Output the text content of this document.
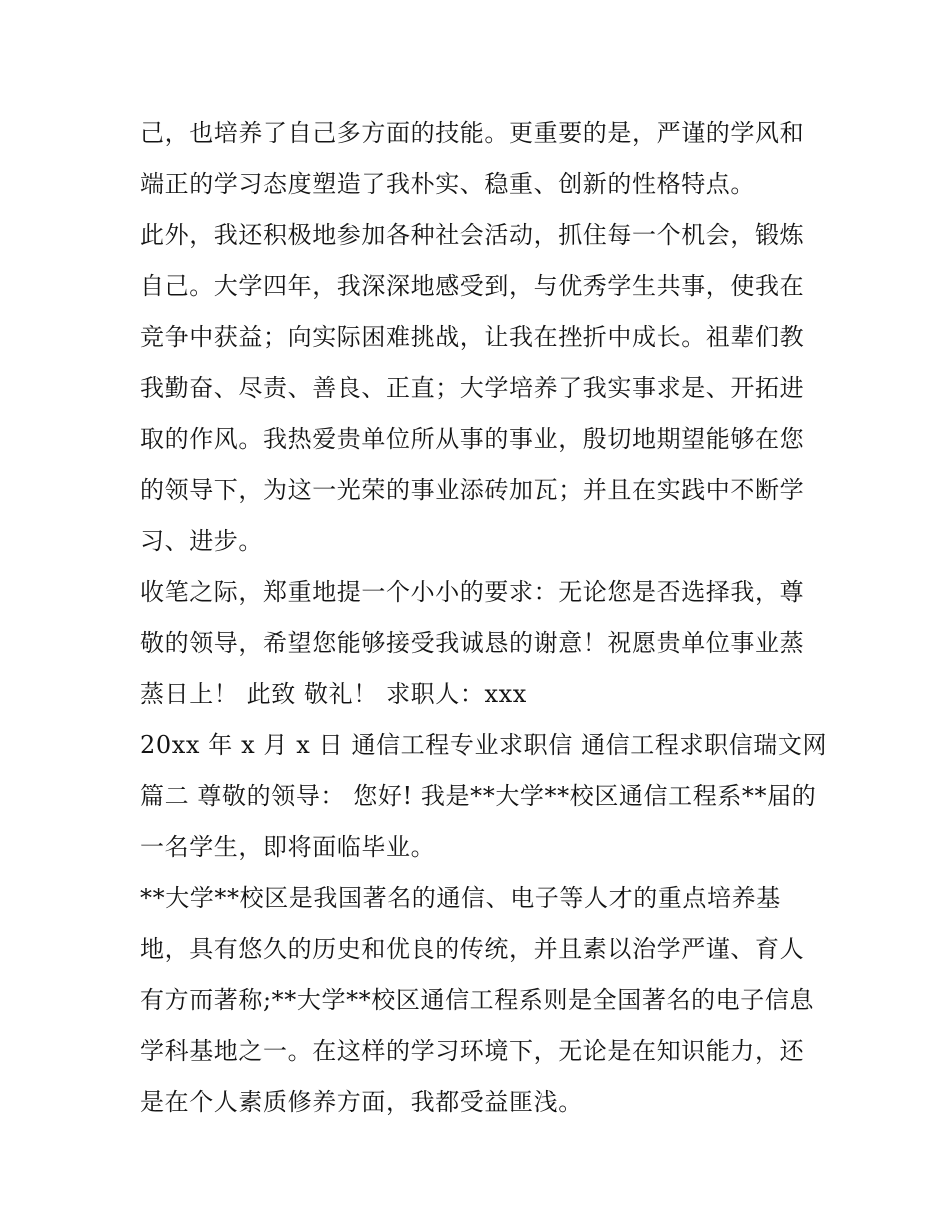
己，也培养了自己多方面的技能。更重要的是，严谨的学风和
端正的学习态度塑造了我朴实、稳重、创新的性格特点。
此外，我还积极地参加各种社会活动，抓住每一个机会，锻炼
自己。大学四年，我深深地感受到，与优秀学生共事，使我在
竞争中获益；向实际困难挑战，让我在挫折中成长。祖辈们教
我勤奋、尽责、善良、正直；大学培养了我实事求是、开拓进
取的作风。我热爱贵单位所从事的事业，殷切地期望能够在您
的领导下，为这一光荣的事业添砖加瓦；并且在实践中不断学
习、进步。
收笔之际，郑重地提一个小小的要求：无论您是否选择我，尊
敬的领导，希望您能够接受我诚恳的谢意！祝愿贵单位事业蒸
蒸日上！ 此致 敬礼！ 求职人：xxx
20xx 年 x 月 x 日 通信工程专业求职信 通信工程求职信瑞文网
篇二 尊敬的领导： 您好! 我是**大学**校区通信工程系**届的
一名学生，即将面临毕业。
**大学**校区是我国著名的通信、电子等人才的重点培养基
地，具有悠久的历史和优良的传统，并且素以治学严谨、育人
有方而著称;**大学**校区通信工程系则是全国著名的电子信息
学科基地之一。在这样的学习环境下，无论是在知识能力，还
是在个人素质修养方面，我都受益匪浅。
